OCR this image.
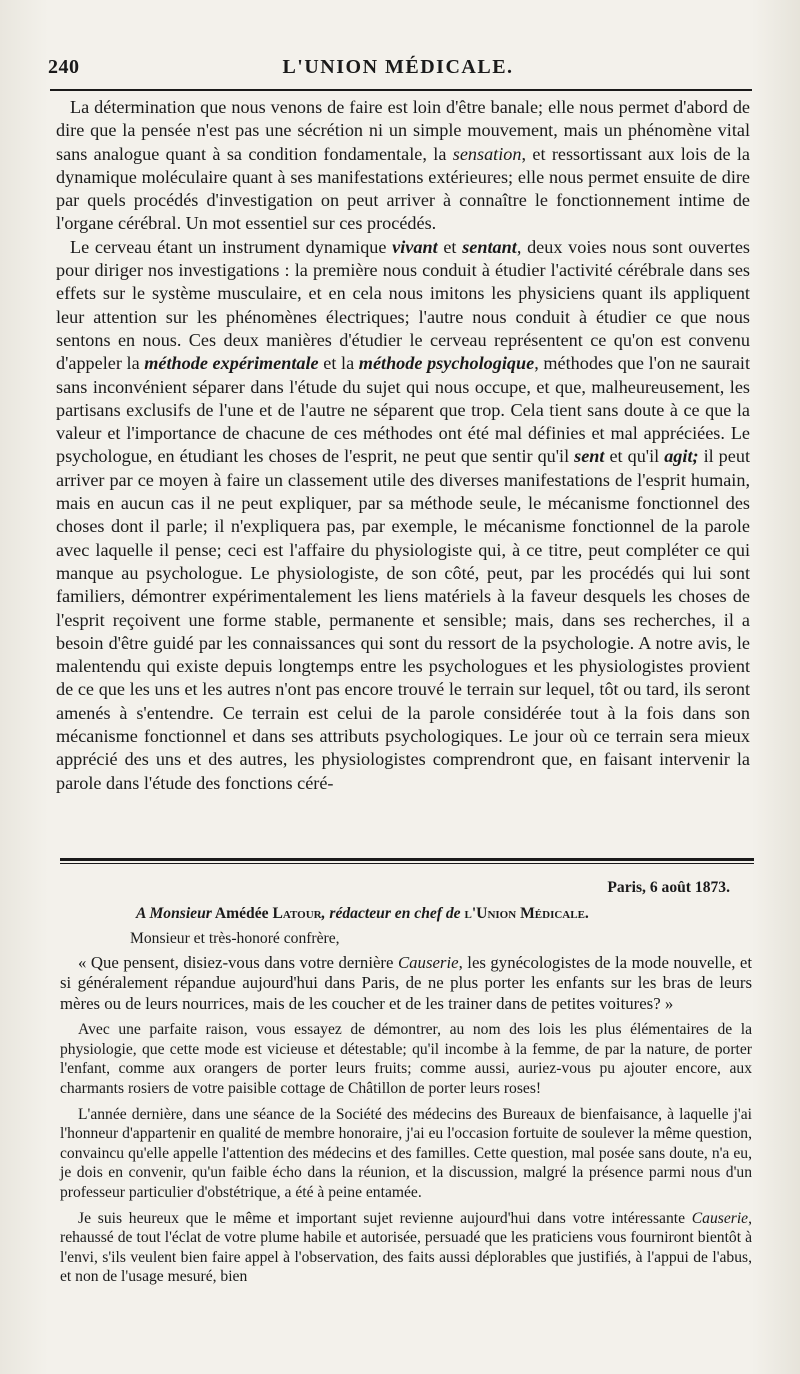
240	L'UNION MÉDICALE.

La détermination que nous venons de faire est loin d'être banale; elle nous permet d'abord de dire que la pensée n'est pas une sécrétion ni un simple mouvement, mais un phénomène vital sans analogue quant à sa condition fondamentale, la sensation, et ressortissant aux lois de la dynamique moléculaire quant à ses manifestations extérieures; elle nous permet ensuite de dire par quels procédés d'investigation on peut arriver à connaître le fonctionnement intime de l'organe cérébral. Un mot essentiel sur ces procédés.

Le cerveau étant un instrument dynamique vivant et sentant, deux voies nous sont ouvertes pour diriger nos investigations : la première nous conduit à étudier l'activité cérébrale dans ses effets sur le système musculaire, et en cela nous imitons les physiciens quant ils appliquent leur attention sur les phénomènes électriques; l'autre nous conduit à étudier ce que nous sentons en nous. Ces deux manières d'étudier le cerveau représentent ce qu'on est convenu d'appeler la méthode expérimentale et la méthode psychologique, méthodes que l'on ne saurait sans inconvénient séparer dans l'étude du sujet qui nous occupe, et que, malheureusement, les partisans exclusifs de l'une et de l'autre ne séparent que trop. Cela tient sans doute à ce que la valeur et l'importance de chacune de ces méthodes ont été mal définies et mal appréciées. Le psychologue, en étudiant les choses de l'esprit, ne peut que sentir qu'il sent et qu'il agit; il peut arriver par ce moyen à faire un classement utile des diverses manifestations de l'esprit humain, mais en aucun cas il ne peut expliquer, par sa méthode seule, le mécanisme fonctionnel des choses dont il parle; il n'expliquera pas, par exemple, le mécanisme fonctionnel de la parole avec laquelle il pense; ceci est l'affaire du physiologiste qui, à ce titre, peut compléter ce qui manque au psychologue. Le physiologiste, de son côté, peut, par les procédés qui lui sont familiers, démontrer expérimentalement les liens matériels à la faveur desquels les choses de l'esprit reçoivent une forme stable, permanente et sensible; mais, dans ses recherches, il a besoin d'être guidé par les connaissances qui sont du ressort de la psychologie. A notre avis, le malentendu qui existe depuis longtemps entre les psychologues et les physiologistes provient de ce que les uns et les autres n'ont pas encore trouvé le terrain sur lequel, tôt ou tard, ils seront amenés à s'entendre. Ce terrain est celui de la parole considérée tout à la fois dans son mécanisme fonctionnel et dans ses attributs psychologiques. Le jour où ce terrain sera mieux apprécié des uns et des autres, les physiologistes comprendront que, en faisant intervenir la parole dans l'étude des fonctions céré-

Paris, 6 août 1873.

A Monsieur Amédée Latour, rédacteur en chef de l'Union Médicale.

Monsieur et très-honoré confrère,

« Que pensent, disiez-vous dans votre dernière Causerie, les gynécologistes de la mode nouvelle, et si généralement répandue aujourd'hui dans Paris, de ne plus porter les enfants sur les bras de leurs mères ou de leurs nourrices, mais de les coucher et de les trainer dans de petites voitures? »

Avec une parfaite raison, vous essayez de démontrer, au nom des lois les plus élémentaires de la physiologie, que cette mode est vicieuse et détestable; qu'il incombe à la femme, de par la nature, de porter l'enfant, comme aux orangers de porter leurs fruits; comme aussi, auriez-vous pu ajouter encore, aux charmants rosiers de votre paisible cottage de Châtillon de porter leurs roses!

L'année dernière, dans une séance de la Société des médecins des Bureaux de bienfaisance, à laquelle j'ai l'honneur d'appartenir en qualité de membre honoraire, j'ai eu l'occasion fortuite de soulever la même question, convaincu qu'elle appelle l'attention des médecins et des familles. Cette question, mal posée sans doute, n'a eu, je dois en convenir, qu'un faible écho dans la réunion, et la discussion, malgré la présence parmi nous d'un professeur particulier d'obstétrique, a été à peine entamée.

Je suis heureux que le même et important sujet revienne aujourd'hui dans votre intéressante Causerie, rehaussé de tout l'éclat de votre plume habile et autorisée, persuadé que les praticiens vous fourniront bientôt à l'envi, s'ils veulent bien faire appel à l'observation, des faits aussi déplorables que justifiés, à l'appui de l'abus, et non de l'usage mesuré, bien
